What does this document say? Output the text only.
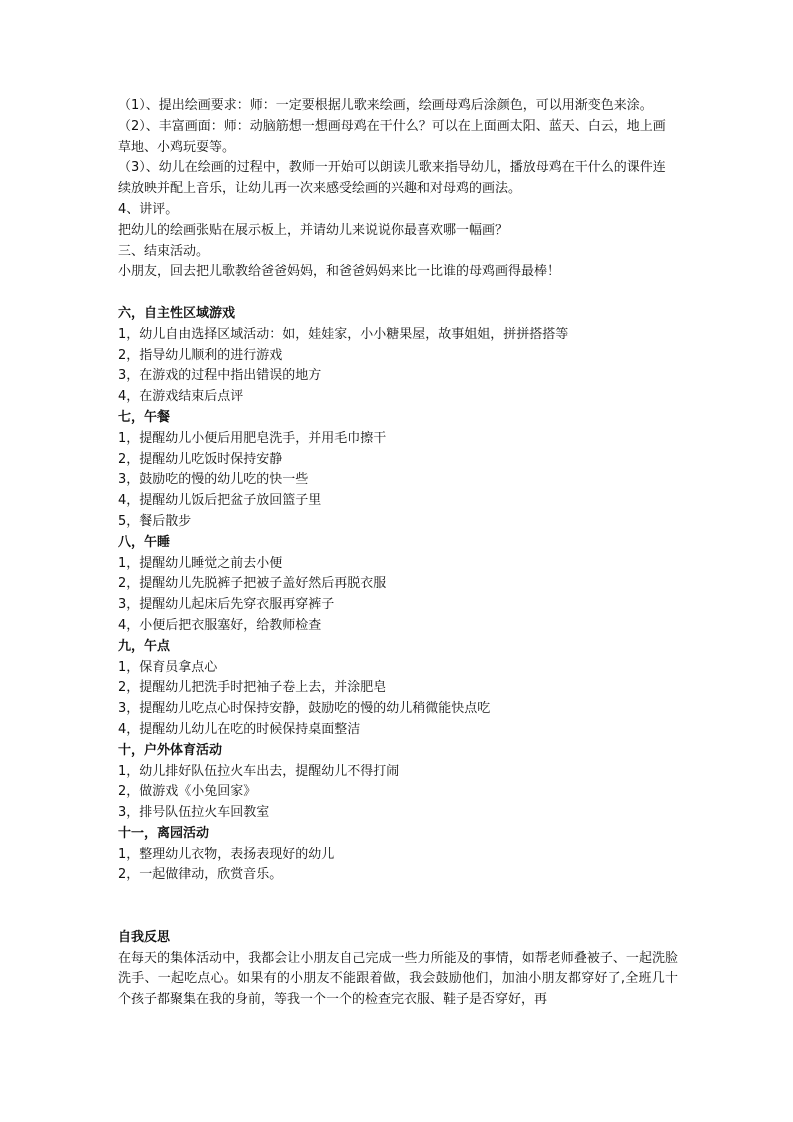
（1）、提出绘画要求：师：一定要根据儿歌来绘画，绘画母鸡后涂颜色，可以用渐变色来涂。

（2）、丰富画面：师：动脑筋想一想画母鸡在干什么？可以在上面画太阳、蓝天、白云，地上画草地、小鸡玩耍等。

（3）、幼儿在绘画的过程中，教师一开始可以朗读儿歌来指导幼儿，播放母鸡在干什么的课件连续放映并配上音乐，让幼儿再一次来感受绘画的兴趣和对母鸡的画法。

4、讲评。

把幼儿的绘画张贴在展示板上，并请幼儿来说说你最喜欢哪一幅画？

三、结束活动。

小朋友，回去把儿歌教给爸爸妈妈，和爸爸妈妈来比一比谁的母鸡画得最棒！

六，自主性区域游戏

1，幼儿自由选择区域活动：如，娃娃家，小小糖果屋，故事姐姐，拼拼搭搭等

2，指导幼儿顺利的进行游戏

3，在游戏的过程中指出错误的地方

4，在游戏结束后点评

七，午餐

1，提醒幼儿小便后用肥皂洗手，并用毛巾擦干

2，提醒幼儿吃饭时保持安静

3，鼓励吃的慢的幼儿吃的快一些

4，提醒幼儿饭后把盆子放回篮子里

5，餐后散步

八，午睡

1，提醒幼儿睡觉之前去小便

2，提醒幼儿先脱裤子把被子盖好然后再脱衣服

3，提醒幼儿起床后先穿衣服再穿裤子

4，小便后把衣服塞好，给教师检查

九，午点

1，保育员拿点心

2，提醒幼儿把洗手时把袖子卷上去，并涂肥皂

3，提醒幼儿吃点心时保持安静，鼓励吃的慢的幼儿稍微能快点吃

4，提醒幼儿幼儿在吃的时候保持桌面整洁

十，户外体育活动

1，幼儿排好队伍拉火车出去，提醒幼儿不得打闹

2，做游戏《小兔回家》

3，排号队伍拉火车回教室

十一，离园活动

1，整理幼儿衣物，表扬表现好的幼儿

2，一起做律动，欣赏音乐。

自我反思

在每天的集体活动中，我都会让小朋友自己完成一些力所能及的事情，如帮老师叠被子、一起洗脸洗手、一起吃点心。如果有的小朋友不能跟着做，我会鼓励他们，加油小朋友都穿好了,全班几十个孩子都聚集在我的身前，等我一个一个的检查完衣服、鞋子是否穿好，再
